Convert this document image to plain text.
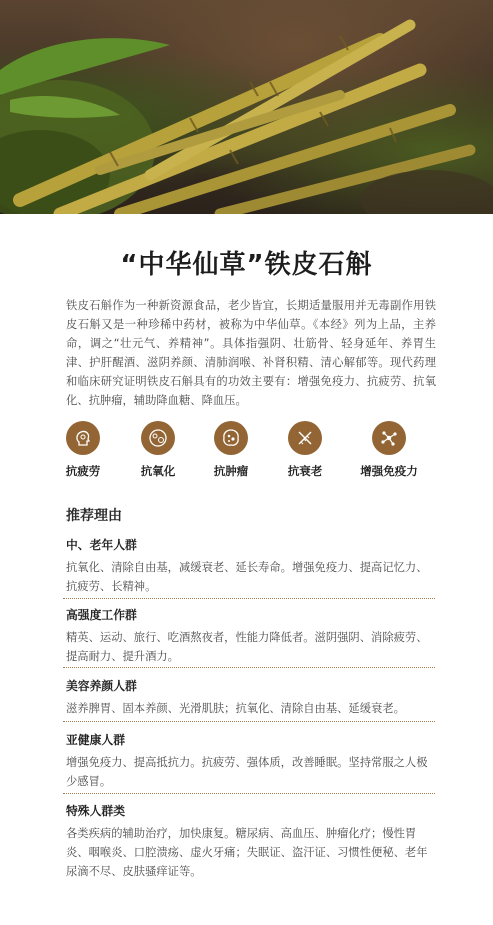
“中华仙草”铁皮石斛
铁皮石斛作为一种新资源食品，老少皆宜，长期适量服用并无毒副作用铁皮石斛又是一种珍稀中药材，被称为中华仙草。《本经》列为上品，主养命，调之“壮元气、养精神”。具体指强阴、壮筋骨、轻身延年、养胃生津、护肝醒酒、滋阴养颜、清肺润喉、补肾积精、清心解郁等。现代药理和临床研究证明铁皮石斛具有的功效主要有：增强免疫力、抗疲劳、抗氧化、抗肿瘤，辅助降血糖、降血压。
抗疲劳	抗氧化	抗肿瘤	抗衰老	增强免疫力
推荐理由
中、老年人群
抗氧化、清除自由基，减缓衰老、延长寿命。增强免疫力、提高记忆力、抗疲劳、长精神。
高强度工作群
精英、运动、旅行、吃酒熬夜者，性能力降低者。滋阴强阴、消除疲劳、提高耐力、提升酒力。
美容养颜人群
滋养脾胃、固本养颜、光滑肌肤；抗氧化、清除自由基、延缓衰老。
亚健康人群
增强免疫力、提高抵抗力。抗疲劳、强体质，改善睡眠。坚持常服之人极少感冒。
特殊人群类
各类疾病的辅助治疗，加快康复。糖尿病、高血压、肿瘤化疗；慢性胃炎、咽喉炎、口腔溃疡、虚火牙痛；失眠证、盗汗证、习惯性便秘、老年尿滴不尽、皮肤骚痒证等。
